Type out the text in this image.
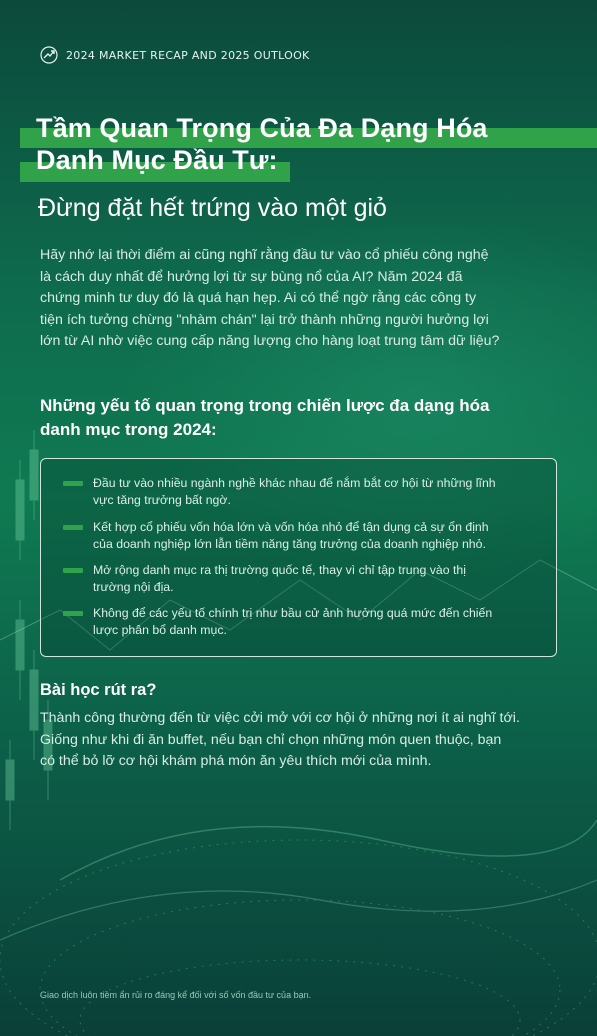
2024 MARKET RECAP AND 2025 OUTLOOK
Tầm Quan Trọng Của Đa Dạng Hóa
Danh Mục Đầu Tư:
Đừng đặt hết trứng vào một giỏ
Hãy nhớ lại thời điểm ai cũng nghĩ rằng đầu tư vào cổ phiếu công nghệ
là cách duy nhất để hưởng lợi từ sự bùng nổ của AI? Năm 2024 đã
chứng minh tư duy đó là quá hạn hẹp. Ai có thể ngờ rằng các công ty
tiện ích tưởng chừng "nhàm chán" lại trở thành những người hưởng lợi
lớn từ AI nhờ việc cung cấp năng lượng cho hàng loạt trung tâm dữ liệu?
Những yếu tố quan trọng trong chiến lược đa dạng hóa
danh mục trong 2024:
Đầu tư vào nhiều ngành nghề khác nhau để nắm bắt cơ hội từ những lĩnh
vực tăng trưởng bất ngờ.
Kết hợp cổ phiếu vốn hóa lớn và vốn hóa nhỏ để tận dụng cả sự ổn định
của doanh nghiệp lớn lẫn tiềm năng tăng trưởng của doanh nghiệp nhỏ.
Mở rộng danh mục ra thị trường quốc tế, thay vì chỉ tập trung vào thị
trường nội địa.
Không để các yếu tố chính trị như bầu cử ảnh hưởng quá mức đến chiến
lược phân bổ danh mục.
Bài học rút ra?
Thành công thường đến từ việc cởi mở với cơ hội ở những nơi ít ai nghĩ tới.
Giống như khi đi ăn buffet, nếu bạn chỉ chọn những món quen thuộc, bạn
có thể bỏ lỡ cơ hội khám phá món ăn yêu thích mới của mình.
Giao dịch luôn tiềm ẩn rủi ro đáng kể đối với số vốn đầu tư của bạn.
